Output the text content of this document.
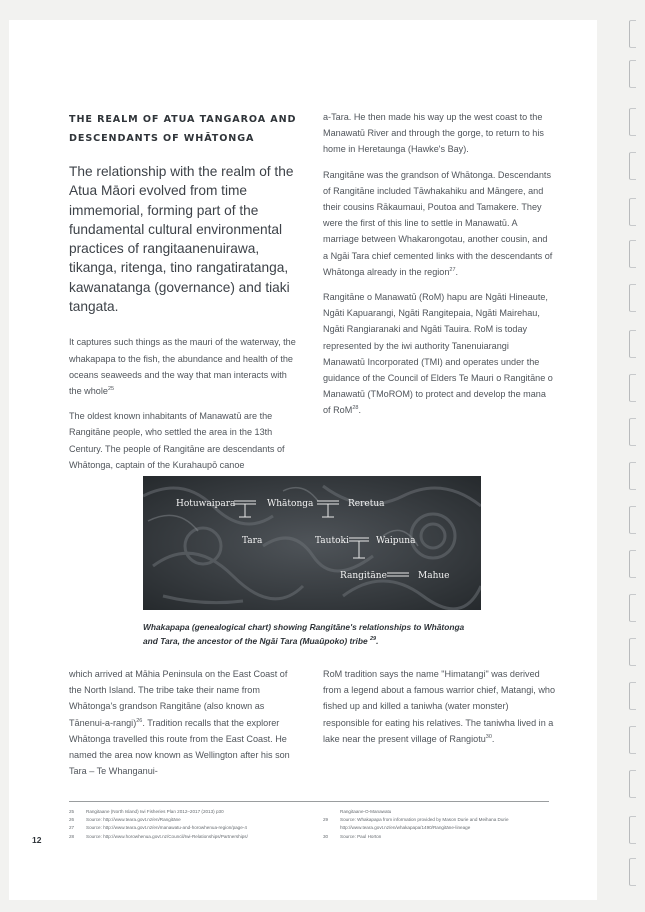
THE REALM OF ATUA TANGAROA AND DESCENDANTS OF WHĀTONGA
The relationship with the realm of the Atua Māori evolved from time immemorial, forming part of the fundamental cultural environmental practices of rangitaanenuirawa, tikanga, ritenga, tino rangatiratanga, kawanatanga (governance) and tiaki tangata.
It captures such things as the mauri of the waterway, the whakapapa to the fish, the abundance and health of the oceans seaweeds and the way that man interacts with the whole$^{25}$
The oldest known inhabitants of Manawatū are the Rangitāne people, who settled the area in the 13th Century. The people of Rangitāne are descendants of Whātonga, captain of the Kurahaupō canoe
a-Tara. He then made his way up the west coast to the Manawatū River and through the gorge, to return to his home in Heretaunga (Hawke's Bay).
Rangitāne was the grandson of Whātonga. Descendants of Rangitāne included Tāwhakahiku and Māngere, and their cousins Rākaumaui, Poutoa and Tamakere. They were the first of this line to settle in Manawatū. A marriage between Whakarongotau, another cousin, and a Ngāi Tara chief cemented links with the descendants of Whātonga already in the region$^{27}$.
Rangitāne o Manawatū (RoM) hapu are Ngāti Hineaute, Ngāti Kapuarangi, Ngāti Rangitepaia, Ngāti Mairehau, Ngāti Rangiaranaki and Ngāti Tauira. RoM is today represented by the iwi authority Tanenuiarangi Manawatū Incorporated (TMI) and operates under the guidance of the Council of Elders Te Mauri o Rangitāne o Manawatū (TMoROM) to protect and develop the mana of RoM$^{28}$.
Hotuwaipara	Whātonga	Reretua
Tara	Tautoki	Waipuna
Rangitāne	Mahue
Whakapapa (genealogical chart) showing Rangitāne's relationships to Whātonga and Tara, the ancestor of the Ngāi Tara (Muaūpoko) tribe $^{29}$.
which arrived at Māhia Peninsula on the East Coast of the North Island. The tribe take their name from Whātonga's grandson Rangitāne (also known as Tānenui-a-rangi)$^{26}$. Tradition recalls that the explorer Whātonga travelled this route from the East Coast. He named the area now known as Wellington after his son Tara – Te Whanganui-
RoM tradition says the name "Himatangi" was derived from a legend about a famous warrior chief, Matangi, who fished up and killed a taniwha (water monster) responsible for eating his relatives. The taniwha lived in a lake near the present village of Rangiotu$^{30}$.
25	Rangitaane (North Island) Iwi Fisheries Plan 2012–2017 (2013) p30
26	Source: http://www.teara.govt.nz/en/Rangitāne
27	Source: http://www.teara.govt.nz/en/manawatu-and-horowhenua-region/page-4
28	Source: http://www.horowhenua.govt.nz/Council/Iwi-Relationships/Partnerships/
Rangitaane-O-Manawatu
29	Source: Whakapapa from information provided by Mason Durie and Meihana Durie
http://www.teara.govt.nz/en/whakapapa/1490/Rangitāne-lineage
30	Source: Paul Horton
12
